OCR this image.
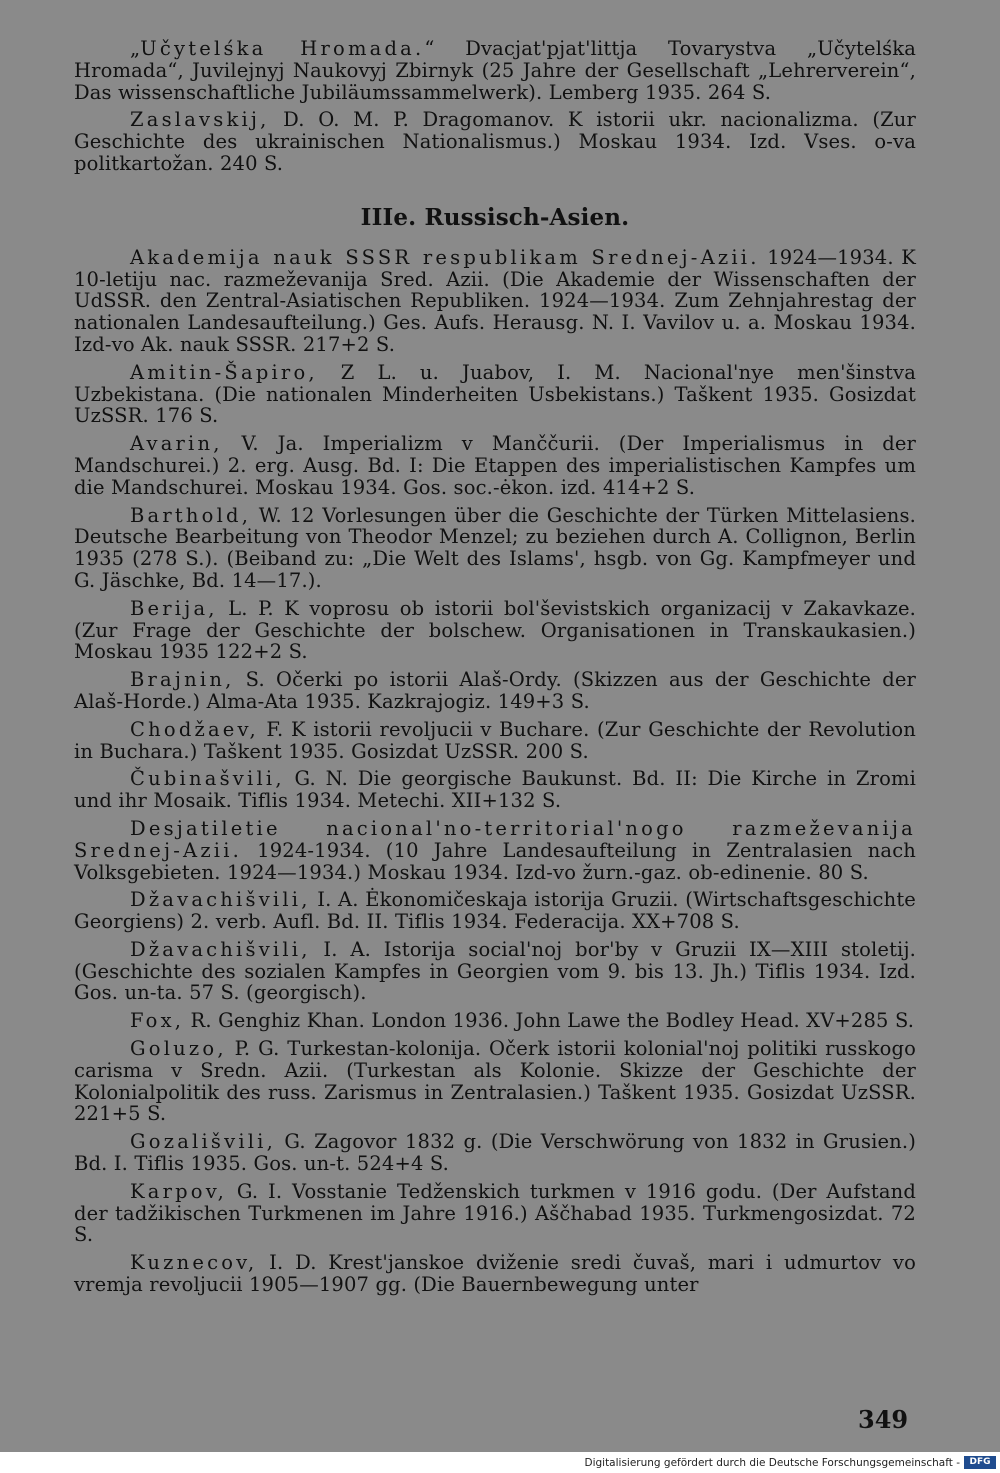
„Učytelśka Hromada.“ Dvacjat'pjat'littja Tovarystva „Učytelśka Hromada“, Juvilejnyj Naukovyj Zbirnyk (25 Jahre der Gesellschaft „Lehrerverein“, Das wissenschaftliche Jubiläumssammelwerk). Lemberg 1935. 264 S.

Zaslavskij, D. O. M. P. Dragomanov. K istorii ukr. nacionalizma. (Zur Geschichte des ukrainischen Nationalismus.) Moskau 1934. Izd. Vses. o-va politkartožan. 240 S.

IIIe. Russisch-Asien.

Akademija nauk SSSR respublikam Srednej-Azii. 1924—1934. K 10-letiju nac. razmeževanija Sred. Azii. (Die Akademie der Wissenschaften der UdSSR. den Zentral-Asiatischen Republiken. 1924—1934. Zum Zehnjahrestag der nationalen Landesaufteilung.) Ges. Aufs. Herausg. N. I. Vavilov u. a. Moskau 1934. Izd-vo Ak. nauk SSSR. 217+2 S.

Amitin-Šapiro, Z L. u. Juabov, I. M. Nacional'nye men'šinstva Uzbekistana. (Die nationalen Minderheiten Usbekistans.) Taškent 1935. Gosizdat UzSSR. 176 S.

Avarin, V. Ja. Imperializm v Manččurii. (Der Imperialismus in der Mandschurei.) 2. erg. Ausg. Bd. I: Die Etappen des imperialistischen Kampfes um die Mandschurei. Moskau 1934. Gos. soc.-ėkon. izd. 414+2 S.

Barthold, W. 12 Vorlesungen über die Geschichte der Türken Mittelasiens. Deutsche Bearbeitung von Theodor Menzel; zu beziehen durch A. Collignon, Berlin 1935 (278 S.). (Beiband zu: „Die Welt des Islams', hsgb. von Gg. Kampfmeyer und G. Jäschke, Bd. 14—17.).

Berija, L. P. K voprosu ob istorii bol'ševistskich organizacij v Zakavkaze. (Zur Frage der Geschichte der bolschew. Organisationen in Transkaukasien.) Moskau 1935 122+2 S.

Brajnin, S. Očerki po istorii Alaš-Ordy. (Skizzen aus der Geschichte der Alaš-Horde.) Alma-Ata 1935. Kazkrajogiz. 149+3 S.

Chodžaev, F. K istorii revoljucii v Buchare. (Zur Geschichte der Revolution in Buchara.) Taškent 1935. Gosizdat UzSSR. 200 S.

Čubinašvili, G. N. Die georgische Baukunst. Bd. II: Die Kirche in Zromi und ihr Mosaik. Tiflis 1934. Metechi. XII+132 S.

Desjatiletie nacional'no-territorial'nogo razmeževanija Srednej-Azii. 1924-1934. (10 Jahre Landesaufteilung in Zentralasien nach Volksgebieten. 1924—1934.) Moskau 1934. Izd-vo žurn.-gaz. ob-edinenie. 80 S.

Džavachišvili, I. A. Ėkonomičeskaja istorija Gruzii. (Wirtschaftsgeschichte Georgiens) 2. verb. Aufl. Bd. II. Tiflis 1934. Federacija. XX+708 S.

Džavachišvili, I. A. Istorija social'noj bor'by v Gruzii IX—XIII stoletij. (Geschichte des sozialen Kampfes in Georgien vom 9. bis 13. Jh.) Tiflis 1934. Izd. Gos. un-ta. 57 S. (georgisch).

Fox, R. Genghiz Khan. London 1936. John Lawe the Bodley Head. XV+285 S.

Goluzo, P. G. Turkestan-kolonija. Očerk istorii kolonial'noj politiki russkogo carisma v Sredn. Azii. (Turkestan als Kolonie. Skizze der Geschichte der Kolonialpolitik des russ. Zarismus in Zentralasien.) Taškent 1935. Gosizdat UzSSR. 221+5 S.

Gozališvili, G. Zagovor 1832 g. (Die Verschwörung von 1832 in Grusien.) Bd. I. Tiflis 1935. Gos. un-t. 524+4 S.

Karpov, G. I. Vosstanie Tedženskich turkmen v 1916 godu. (Der Aufstand der tadžikischen Turkmenen im Jahre 1916.) Aščhabad 1935. Turkmengosizdat. 72 S.

Kuznecov, I. D. Krest'janskoe dviženie sredi čuvaš, mari i udmurtov vo vremja revoljucii 1905—1907 gg. (Die Bauernbewegung unter

349
Digitalisierung gefördert durch die Deutsche Forschungsgemeinschaft -	DFG
